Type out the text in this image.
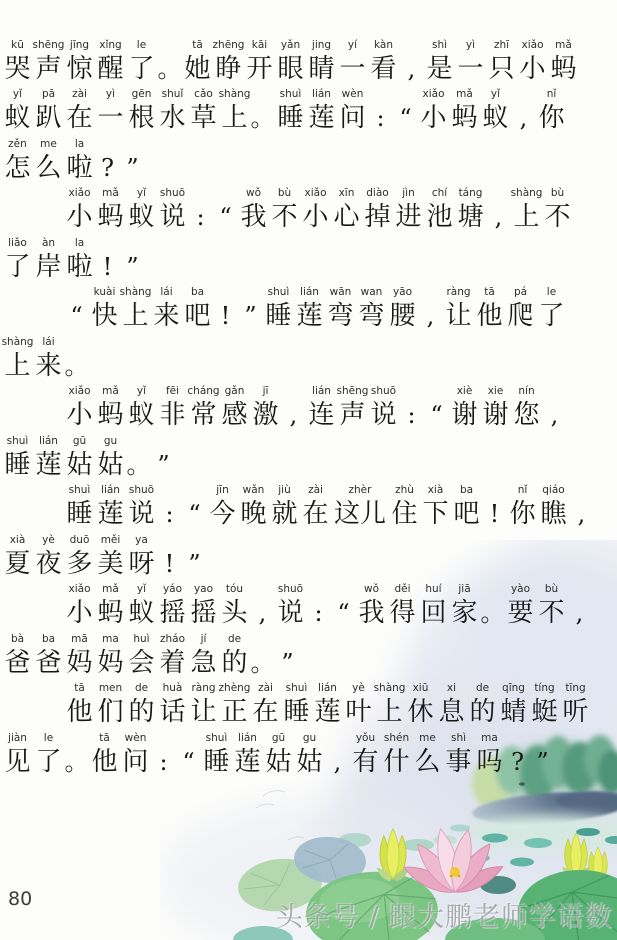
kū
哭
shēng
声
jīng
惊
xǐng
醒
le
了 。
tā
她
zhēng
睁
kāi
开
yǎn
眼
jing
睛
yí
一
kàn
看 ,
shì
是
yì
一
zhī
只
xiǎo
小
mǎ
蚂
yǐ
蚁
pā
趴
zài
在
yì
一
gēn
根
shuǐ
水
cǎo
草
shàng
上 。
shuì
睡
lián
莲
wèn
问 : “
xiǎo
小
mǎ
蚂
yǐ
蚁 ,
nǐ
你
zěn
怎
me
么
la
啦 ? ”
xiǎo
小
mǎ
蚂
yǐ
蚁
shuō
说 : “
wǒ
我
bù
不
xiǎo
小
xīn
心
diào
掉
jìn
进
chí
池
táng
塘 ,
shàng
上
bù
不
liǎo
了
àn
岸
la
啦 ! ”
“
kuài
快
shàng
上
lái
来
ba
吧 ! ”
shuì
睡
lián
莲
wān
弯
wan
弯
yāo
腰 ,
ràng
让
tā
他
pá
爬
le
了
shàng
上
lái
来 。
xiǎo
小
mǎ
蚂
yǐ
蚁
fēi
非
cháng
常
gǎn
感
jī
激 ,
lián
连
shēng
声
shuō
说 : “
xiè
谢
xie
谢
nín
您 ,
shuì
睡
lián
莲
gū
姑
gu
姑 。 ”
shuì
睡
lián
莲
shuō
说 : “
jīn
今
wǎn
晚
jiù
就
zài
在
zhèr
这儿
zhù
住
xià
下
ba
吧 !
nǐ
你
qiáo
瞧 ,
xià
夏
yè
夜
duō
多
měi
美
ya
呀 ! ”
xiǎo
小
mǎ
蚂
yǐ
蚁
yáo
摇
yao
摇
tóu
头 ,
shuō
说 : “
wǒ
我
děi
得
huí
回
jiā
家 。
yào
要
bù
不 ,
bà
爸
ba
爸
mā
妈
ma
妈
huì
会
zháo
着
jí
急
de
的 。 ”
tā
他
men
们
de
的
huà
话
ràng
让
zhèng
正
zài
在
shuì
睡
lián
莲
yè
叶
shàng
上
xiū
休
xi
息
de
的
qīng
蜻
tíng
蜓
tīng
听
jiàn
见
le
了 。
tā
他
wèn
问 : “
shuì
睡
lián
莲
gū
姑
gu
姑 ,
yǒu
有
shén
什
me
么
shì
事
ma
吗 ? ”
80
头条号 / 跟大鹏老师学语数
